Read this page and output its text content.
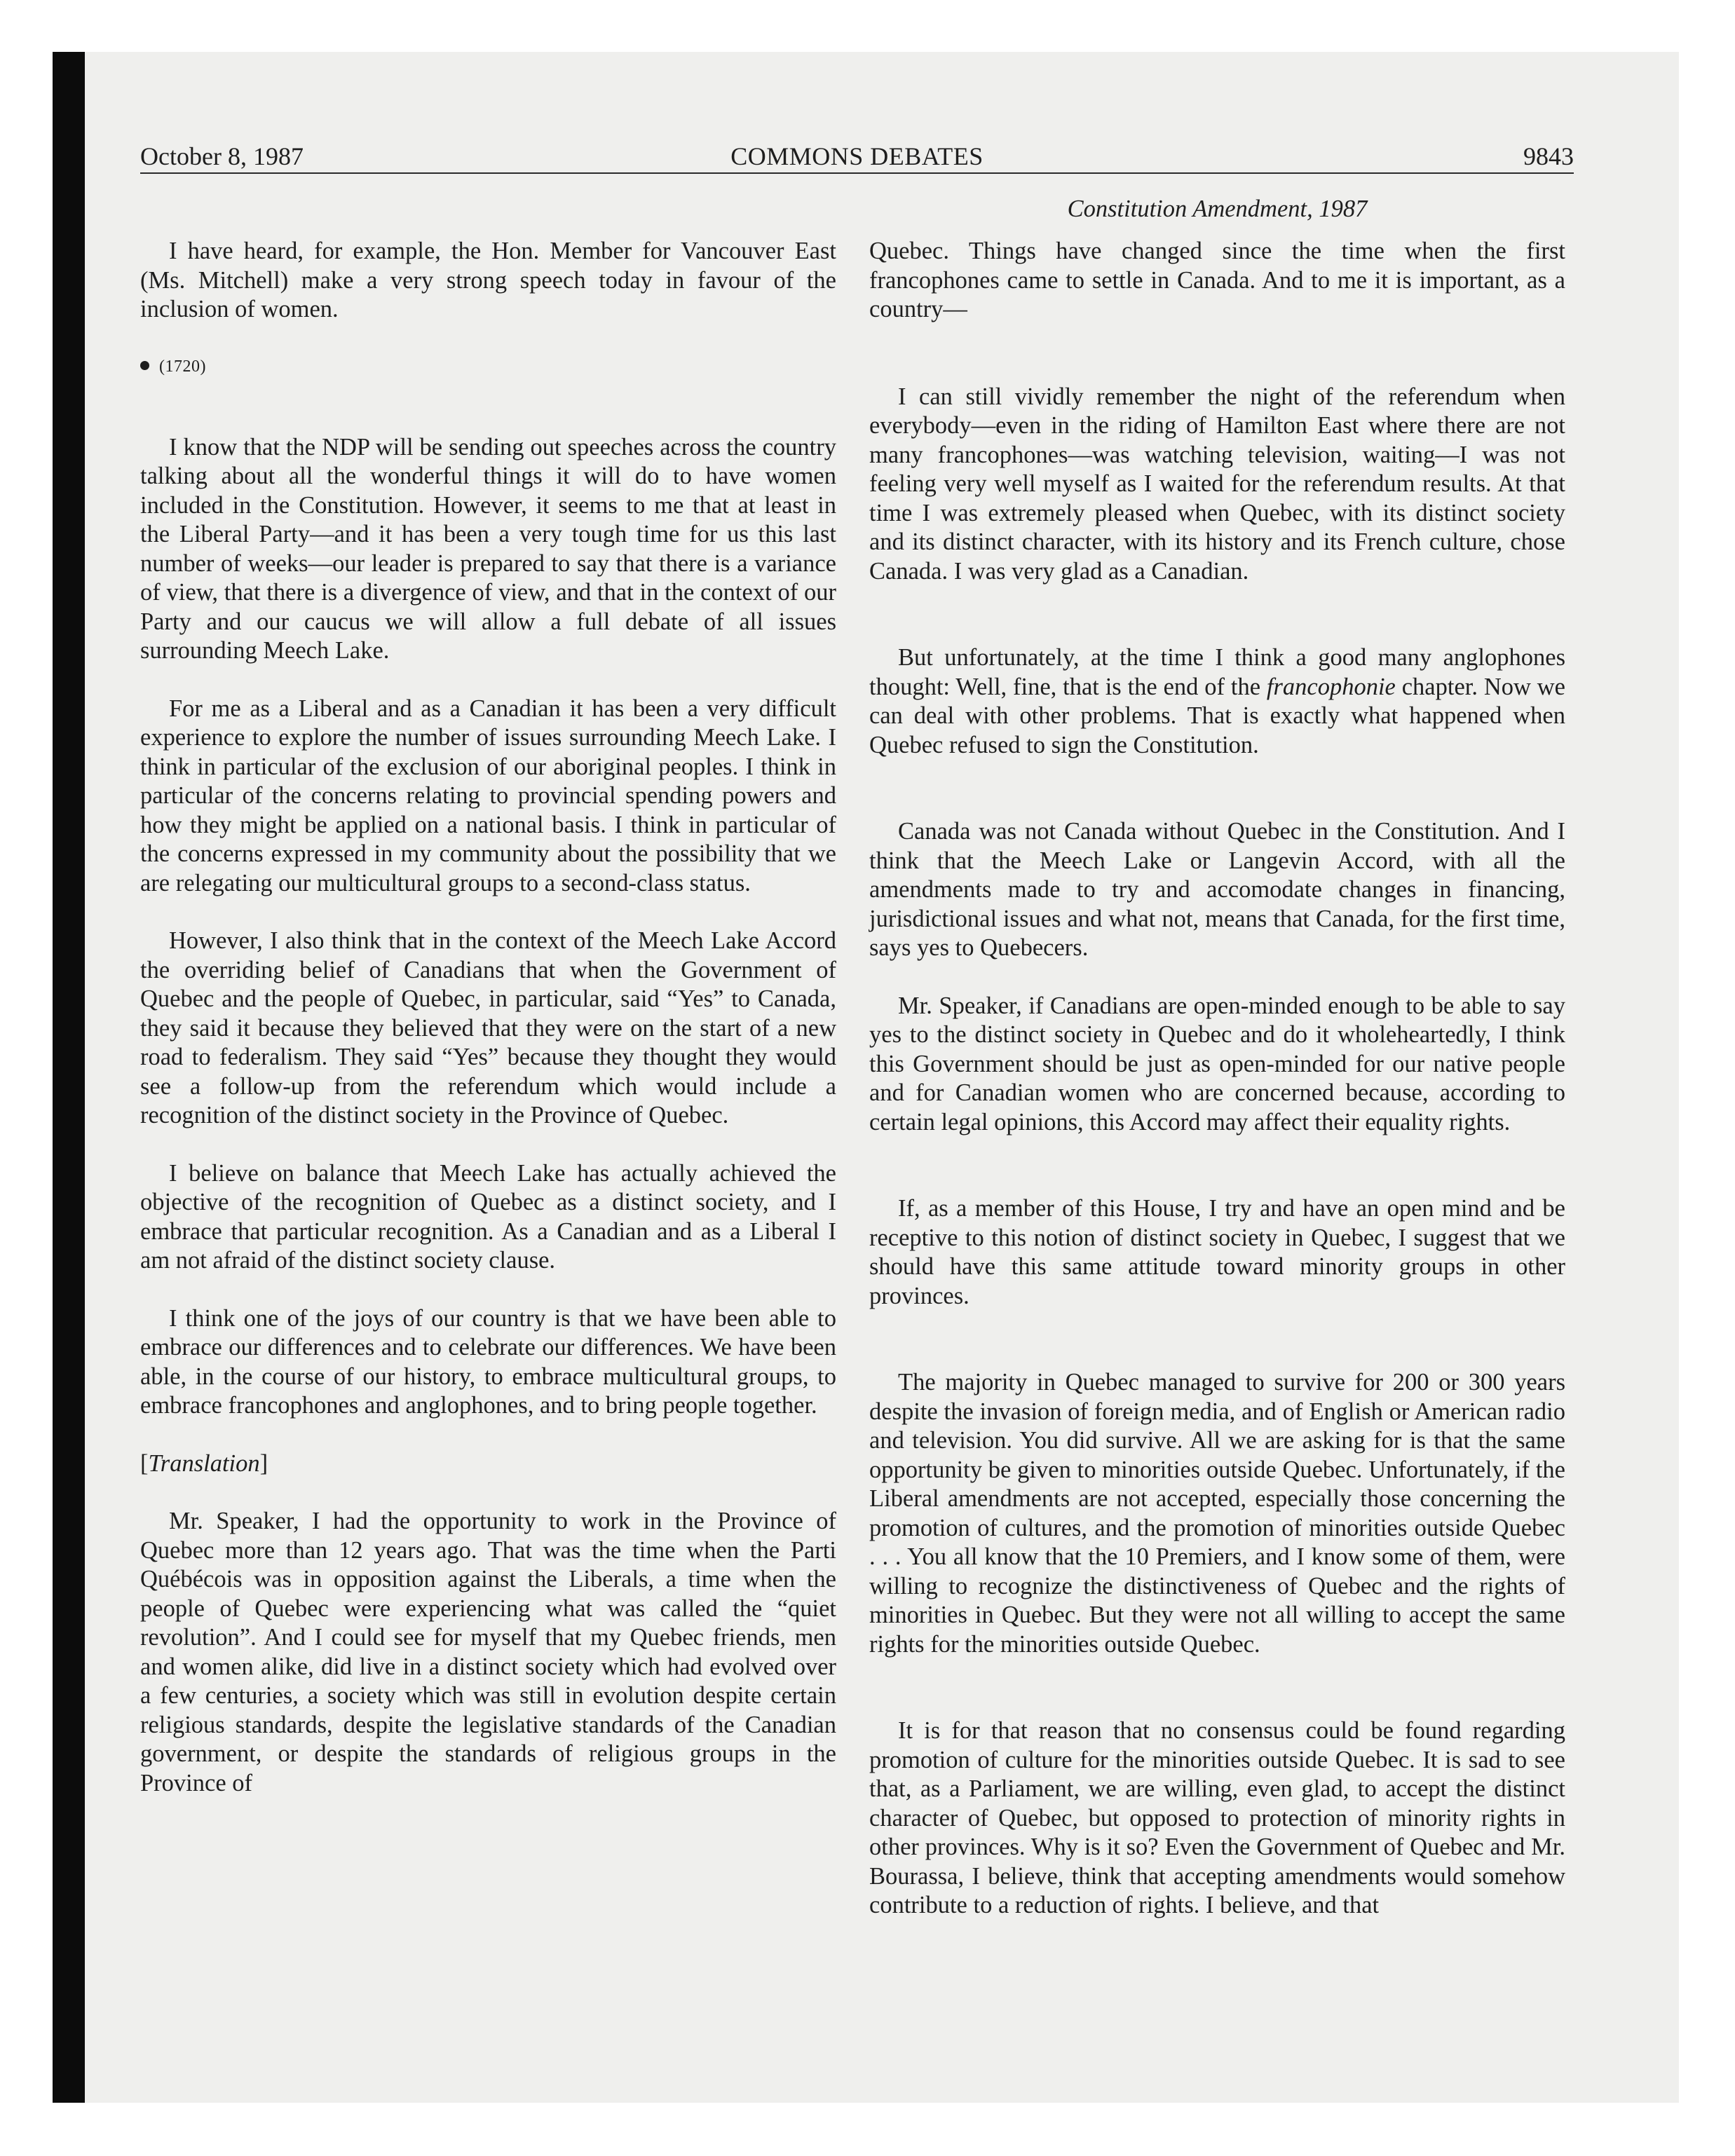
October 8, 1987	COMMONS DEBATES	9843
Constitution Amendment, 1987

I have heard, for example, the Hon. Member for Vancouver East (Ms. Mitchell) make a very strong speech today in favour of the inclusion of women.

(1720)

I know that the NDP will be sending out speeches across the country talking about all the wonderful things it will do to have women included in the Constitution. However, it seems to me that at least in the Liberal Party—and it has been a very tough time for us this last number of weeks—our leader is prepared to say that there is a variance of view, that there is a divergence of view, and that in the context of our Party and our caucus we will allow a full debate of all issues surrounding Meech Lake.

For me as a Liberal and as a Canadian it has been a very difficult experience to explore the number of issues surrounding Meech Lake. I think in particular of the exclusion of our aboriginal peoples. I think in particular of the concerns relating to provincial spending powers and how they might be applied on a national basis. I think in particular of the concerns expressed in my community about the possibility that we are relegating our multicultural groups to a second-class status.

However, I also think that in the context of the Meech Lake Accord the overriding belief of Canadians that when the Government of Quebec and the people of Quebec, in particular, said “Yes” to Canada, they said it because they believed that they were on the start of a new road to federalism. They said “Yes” because they thought they would see a follow-up from the referendum which would include a recognition of the distinct society in the Province of Quebec.

I believe on balance that Meech Lake has actually achieved the objective of the recognition of Quebec as a distinct society, and I embrace that particular recognition. As a Canadian and as a Liberal I am not afraid of the distinct society clause.

I think one of the joys of our country is that we have been able to embrace our differences and to celebrate our differences. We have been able, in the course of our history, to embrace multicultural groups, to embrace francophones and anglophones, and to bring people together.

[Translation]

Mr. Speaker, I had the opportunity to work in the Province of Quebec more than 12 years ago. That was the time when the Parti Québécois was in opposition against the Liberals, a time when the people of Quebec were experiencing what was called the “quiet revolution”. And I could see for myself that my Quebec friends, men and women alike, did live in a distinct society which had evolved over a few centuries, a society which was still in evolution despite certain religious standards, despite the legislative standards of the Canadian government, or despite the standards of religious groups in the Province of

Quebec. Things have changed since the time when the first francophones came to settle in Canada. And to me it is important, as a country—

I can still vividly remember the night of the referendum when everybody—even in the riding of Hamilton East where there are not many francophones—was watching television, waiting—I was not feeling very well myself as I waited for the referendum results. At that time I was extremely pleased when Quebec, with its distinct society and its distinct character, with its history and its French culture, chose Canada. I was very glad as a Canadian.

But unfortunately, at the time I think a good many anglophones thought: Well, fine, that is the end of the francophonie chapter. Now we can deal with other problems. That is exactly what happened when Quebec refused to sign the Constitution.

Canada was not Canada without Quebec in the Constitution. And I think that the Meech Lake or Langevin Accord, with all the amendments made to try and accomodate changes in financing, jurisdictional issues and what not, means that Canada, for the first time, says yes to Quebecers.

Mr. Speaker, if Canadians are open-minded enough to be able to say yes to the distinct society in Quebec and do it wholeheartedly, I think this Government should be just as open-minded for our native people and for Canadian women who are concerned because, according to certain legal opinions, this Accord may affect their equality rights.

If, as a member of this House, I try and have an open mind and be receptive to this notion of distinct society in Quebec, I suggest that we should have this same attitude toward minority groups in other provinces.

The majority in Quebec managed to survive for 200 or 300 years despite the invasion of foreign media, and of English or American radio and television. You did survive. All we are asking for is that the same opportunity be given to minorities outside Quebec. Unfortunately, if the Liberal amendments are not accepted, especially those concerning the promotion of cultures, and the promotion of minorities outside Quebec . . . You all know that the 10 Premiers, and I know some of them, were willing to recognize the distinctiveness of Quebec and the rights of minorities in Quebec. But they were not all willing to accept the same rights for the minorities outside Quebec.

It is for that reason that no consensus could be found regarding promotion of culture for the minorities outside Quebec. It is sad to see that, as a Parliament, we are willing, even glad, to accept the distinct character of Quebec, but opposed to protection of minority rights in other provinces. Why is it so? Even the Government of Quebec and Mr. Bourassa, I believe, think that accepting amendments would somehow contribute to a reduction of rights. I believe, and that
